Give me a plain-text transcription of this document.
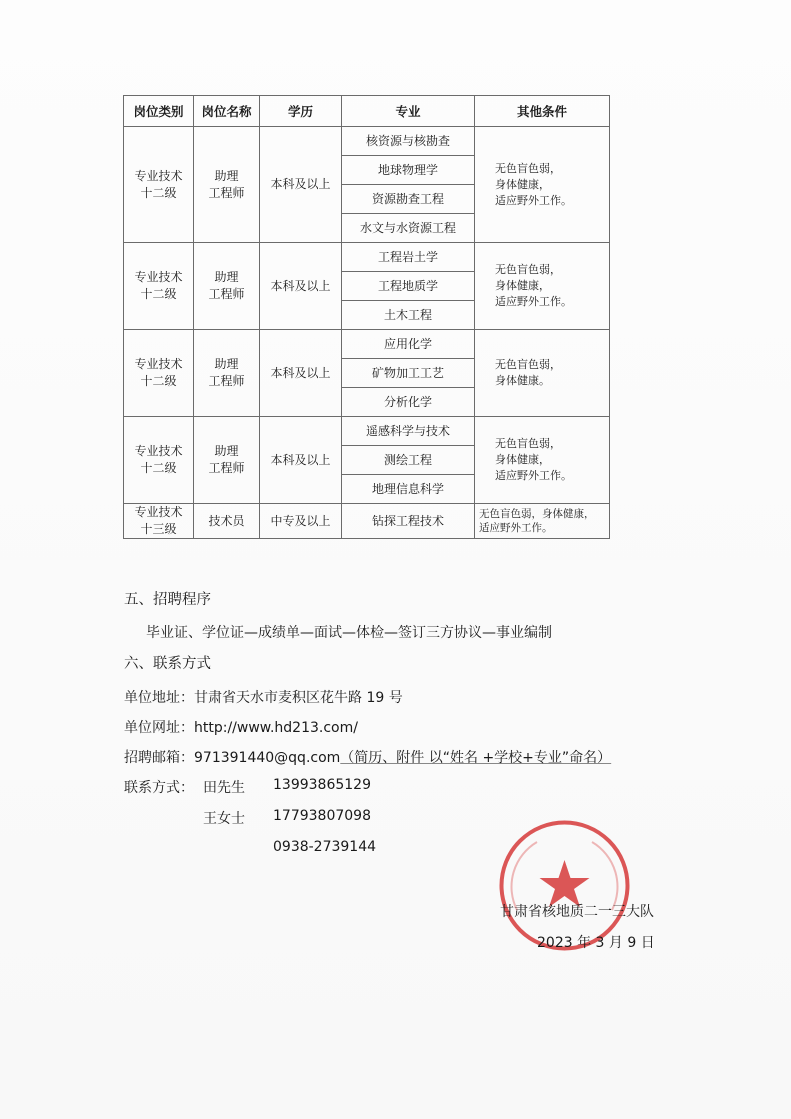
岗位类别	岗位名称	学历	专业	其他条件
专业技术
十二级	助理
工程师	本科及以上	核资源与核勘查	无色盲色弱，
身体健康，
适应野外工作。
			地球物理学	
			资源勘查工程	
			水文与水资源工程	
专业技术
十二级	助理
工程师	本科及以上	工程岩土学	无色盲色弱，
身体健康，
适应野外工作。
			工程地质学	
			土木工程	
专业技术
十二级	助理
工程师	本科及以上	应用化学	无色盲色弱，
身体健康。
			矿物加工工艺	
			分析化学	
专业技术
十二级	助理
工程师	本科及以上	遥感科学与技术	无色盲色弱，
身体健康，
适应野外工作。
			测绘工程	
			地理信息科学	
专业技术
十三级	技术员	中专及以上	钻探工程技术	无色盲色弱，身体健康，
适应野外工作。
五、招聘程序
毕业证、学位证—成绩单—面试—体检—签订三方协议—事业编制
六、联系方式
单位地址：甘肃省天水市麦积区花牛路 19 号
单位网址：http://www.hd213.com/
招聘邮箱：971391440@qq.com（简历、附件 以“姓名 +学校+专业”命名）
联系方式： 田先生 13993865129
王女士 17793807098
0938-2739144
甘肃省核地质二一三大队
2023 年 3 月 9 日
